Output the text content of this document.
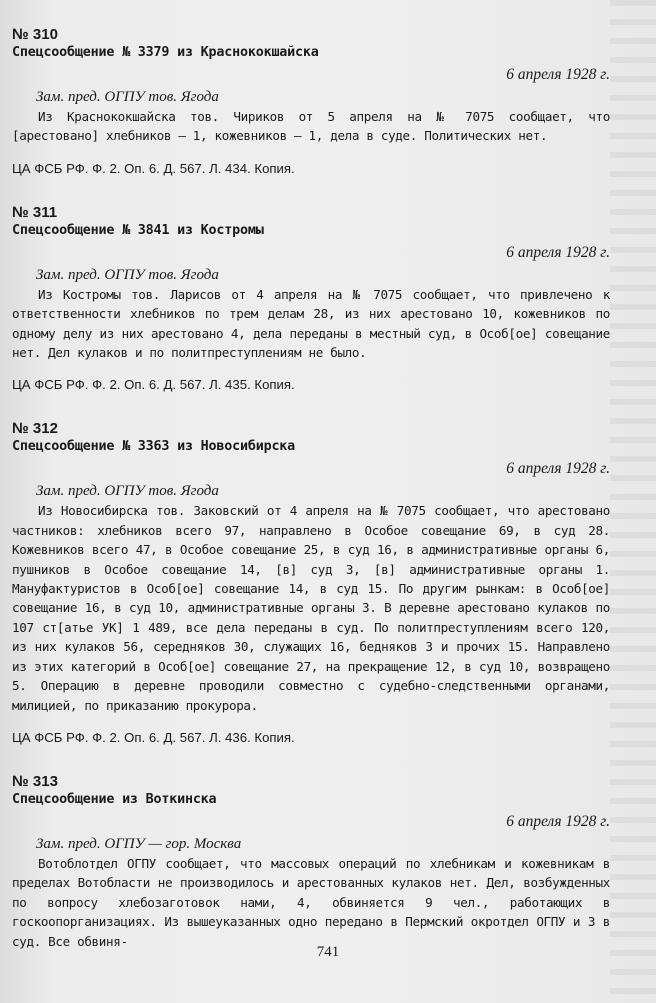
№ 310

Спецсообщение № 3379 из Краснококшайска

6 апреля 1928 г.

Зам. пред. ОГПУ тов. Ягода

Из Краснококшайска тов. Чириков от 5 апреля на № 7075 сообщает, что [арестовано] хлебников — 1, кожевников — 1, дела в суде. Политических нет.

ЦА ФСБ РФ. Ф. 2. Оп. 6. Д. 567. Л. 434. Копия.

№ 311

Спецсообщение № 3841 из Костромы

6 апреля 1928 г.

Зам. пред. ОГПУ тов. Ягода

Из Костромы тов. Ларисов от 4 апреля на № 7075 сообщает, что привлечено к ответственности хлебников по трем делам 28, из них арестовано 10, кожевников по одному делу из них арестовано 4, дела переданы в местный суд, в Особ[ое] совещание нет. Дел кулаков и по политпреступлениям не было.

ЦА ФСБ РФ. Ф. 2. Оп. 6. Д. 567. Л. 435. Копия.

№ 312

Спецсообщение № 3363 из Новосибирска

6 апреля 1928 г.

Зам. пред. ОГПУ тов. Ягода

Из Новосибирска тов. Заковский от 4 апреля на № 7075 сообщает, что арестовано частников: хлебников всего 97, направлено в Особое совещание 69, в суд 28. Кожевников всего 47, в Особое совещание 25, в суд 16, в административные органы 6, пушников в Особое совещание 14, [в] суд 3, [в] административные органы 1. Мануфактуристов в Особ[ое] совещание 14, в суд 15. По другим рынкам: в Особ[ое] совещание 16, в суд 10, административные органы 3. В деревне арестовано кулаков по 107 ст[атье УК] 1 489, все дела переданы в суд. По политпреступлениям всего 120, из них кулаков 56, середняков 30, служащих 16, бедняков 3 и прочих 15. Направлено из этих категорий в Особ[ое] совещание 27, на прекращение 12, в суд 10, возвращено 5. Операцию в деревне проводили совместно с судебно-следственными органами, милицией, по приказанию прокурора.

ЦА ФСБ РФ. Ф. 2. Оп. 6. Д. 567. Л. 436. Копия.

№ 313

Спецсообщение из Воткинска

6 апреля 1928 г.

Зам. пред. ОГПУ — гор. Москва

Вотоблотдел ОГПУ сообщает, что массовых операций по хлебникам и кожевникам в пределах Вотобласти не производилось и арестованных кулаков нет. Дел, возбужденных по вопросу хлебозаготовок нами, 4, обвиняется 9 чел., работающих в госкоопорганизациях. Из вышеуказанных одно передано в Пермский окротдел ОГПУ и 3 в суд. Все обвиня-

741
